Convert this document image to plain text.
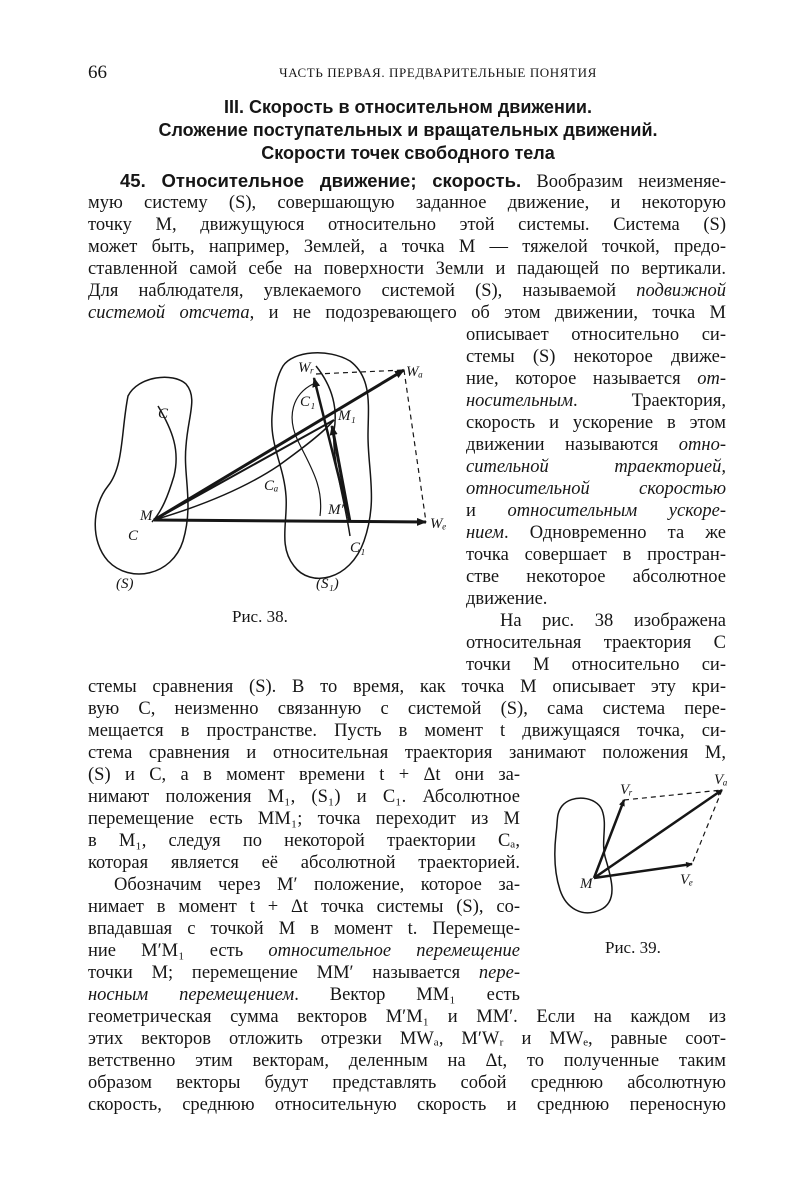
66	ЧАСТЬ ПЕРВАЯ. ПРЕДВАРИТЕЛЬНЫЕ ПОНЯТИЯ
III. Скорость в относительном движении.
Сложение поступательных и вращательных движений.
Скорости точек свободного тела
45. Относительное движение; скорость. Вообразим неизменяе-
мую систему (S), совершающую заданное движение, и некоторую
точку M, движущуюся относительно этой системы. Система (S)
может быть, например, Землей, а точка M — тяжелой точкой, предо-
ставленной самой себе на поверхности Земли и падающей по вертикали.
Для наблюдателя, увлекаемого системой (S), называемой подвижной
системой отсчета, и не подозревающего об этом движении, точка M
описывает относительно си-
стемы (S) некоторое движе-
ние, которое называется от-
носительным. Траектория,
скорость и ускорение в этом
движении называются отно-
сительной траекторией,
относительной скоростью
и относительным ускоре-
нием. Одновременно та же
точка совершает в простран-
стве некоторое абсолютное
движение.
На рис. 38 изображена
относительная траектория C
точки M относительно си-
стемы сравнения (S). В то время, как точка M описывает эту кри-
вую C, неизменно связанную с системой (S), сама система пере-
мещается в пространстве. Пусть в момент t движущаяся точка, си-
стема сравнения и относительная траектория занимают положения M,
(S) и C, а в момент времени t + Δt они за-
нимают положения M₁, (S₁) и C₁. Абсолютное
перемещение есть MM₁; точка переходит из M
в M₁, следуя по некоторой траектории Cₐ,
которая является её абсолютной траекторией.
Обозначим через M′ положение, которое за-
нимает в момент t + Δt точка системы (S), со-
впадавшая с точкой M в момент t. Перемеще-
ние M′M₁ есть относительное перемещение
точки M; перемещение MM′ называется пере-
носным перемещением. Вектор MM₁ есть
геометрическая сумма векторов M′M₁ и MM′. Если на каждом из
этих векторов отложить отрезки MWₐ, M′Wᵣ и MWₑ, равные соот-
ветственно этим векторам, деленным на Δt, то полученные таким
образом векторы будут представлять собой среднюю абсолютную
скорость, среднюю относительную скорость и среднюю переносную
C
M
C
(S)
Cₐ
C₁
M₁
Wᵣ	Wₐ
M′
C₁
Wₑ
(S₁)
Рис. 38.
Vᵣ
Vₐ
Vₑ
M
Рис. 39.
